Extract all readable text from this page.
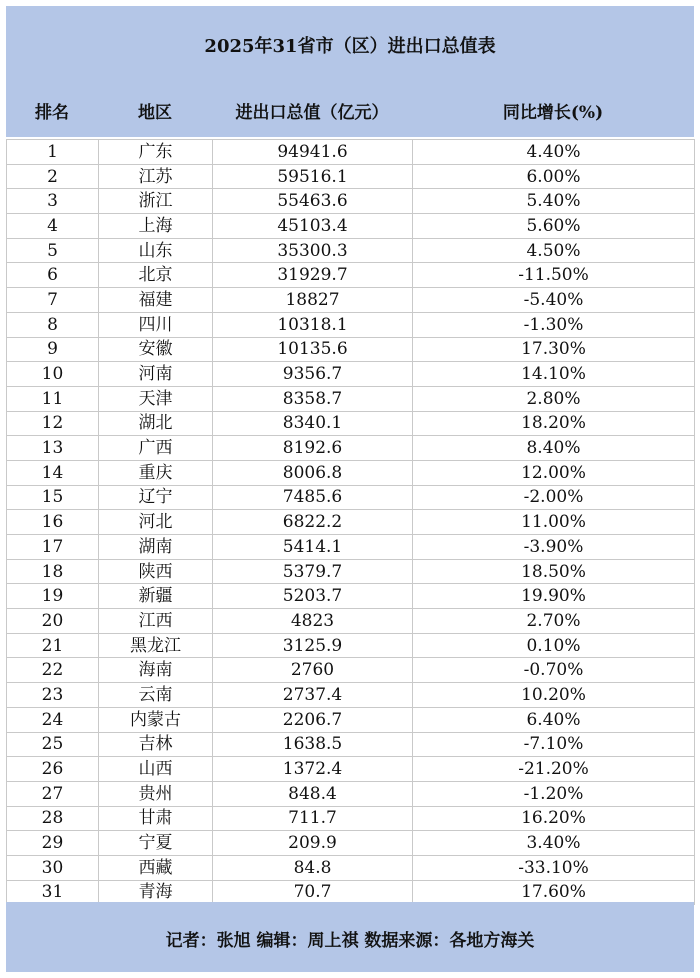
2025年31省市（区）进出口总值表
排名	地区	进出口总值（亿元）	同比增长(%)
1	广东	94941.6	4.40%
2	江苏	59516.1	6.00%
3	浙江	55463.6	5.40%
4	上海	45103.4	5.60%
5	山东	35300.3	4.50%
6	北京	31929.7	-11.50%
7	福建	18827	-5.40%
8	四川	10318.1	-1.30%
9	安徽	10135.6	17.30%
10	河南	9356.7	14.10%
11	天津	8358.7	2.80%
12	湖北	8340.1	18.20%
13	广西	8192.6	8.40%
14	重庆	8006.8	12.00%
15	辽宁	7485.6	-2.00%
16	河北	6822.2	11.00%
17	湖南	5414.1	-3.90%
18	陕西	5379.7	18.50%
19	新疆	5203.7	19.90%
20	江西	4823	2.70%
21	黑龙江	3125.9	0.10%
22	海南	2760	-0.70%
23	云南	2737.4	10.20%
24	内蒙古	2206.7	6.40%
25	吉林	1638.5	-7.10%
26	山西	1372.4	-21.20%
27	贵州	848.4	-1.20%
28	甘肃	711.7	16.20%
29	宁夏	209.9	3.40%
30	西藏	84.8	-33.10%
31	青海	70.7	17.60%
记者：张旭 编辑：周上祺 数据来源：各地方海关
